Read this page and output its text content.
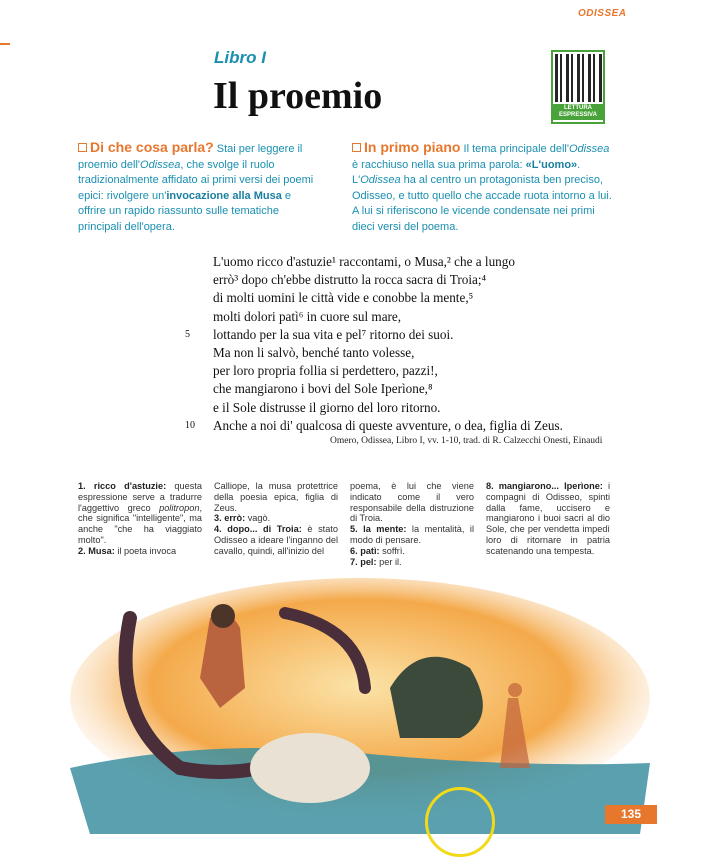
ODISSEA
Libro I
Il proemio	LETTURA ESPRESSIVA
Di che cosa parla? Stai per leggere il proemio dell'Odissea, che svolge il ruolo tradizionalmente affidato ai primi versi dei poemi epici: rivolgere un'invocazione alla Musa e offrire un rapido riassunto sulle tematiche principali dell'opera.
In primo piano Il tema principale dell'Odissea è racchiuso nella sua prima parola: «L'uomo». L'Odissea ha al centro un protagonista ben preciso, Odisseo, e tutto quello che accade ruota intorno a lui. A lui si riferiscono le vicende condensate nei primi dieci versi del poema.
5
10
L'uomo ricco d'astuzie¹ raccontami, o Musa,² che a lungo
errò³ dopo ch'ebbe distrutto la rocca sacra di Troia;⁴
di molti uomini le città vide e conobbe la mente,⁵
molti dolori patì⁶ in cuore sul mare,
lottando per la sua vita e pel⁷ ritorno dei suoi.
Ma non li salvò, benché tanto volesse,
per loro propria follia si perdettero, pazzi!,
che mangiarono i bovi del Sole Iperìone,⁸
e il Sole distrusse il giorno del loro ritorno.
Anche a noi di' qualcosa di queste avventure, o dea, figlia di Zeus.
Omero, Odissea, Libro I, vv. 1-10, trad. di R. Calzecchi Onesti, Einaudi
1. ricco d'astuzie: questa espressione serve a tradurre l'aggettivo greco politropon, che significa "intelligente", ma anche "che ha viaggiato molto".
2. Musa: il poeta invoca
Calliope, la musa protettrice della poesia epica, figlia di Zeus.
3. errò: vagò.
4. dopo... di Troia: è stato Odisseo a ideare l'inganno del cavallo, quindi, all'inizio del
poema, è lui che viene indicato come il vero responsabile della distruzione di Troia.
5. la mente: la mentalità, il modo di pensare.
6. patì: soffrì.
7. pel: per il.
8. mangiarono... Iperìone: i compagni di Odisseo, spinti dalla fame, uccisero e mangiarono i buoi sacri al dio Sole, che per vendetta impedì loro di ritornare in patria scatenando una tempesta.
135
